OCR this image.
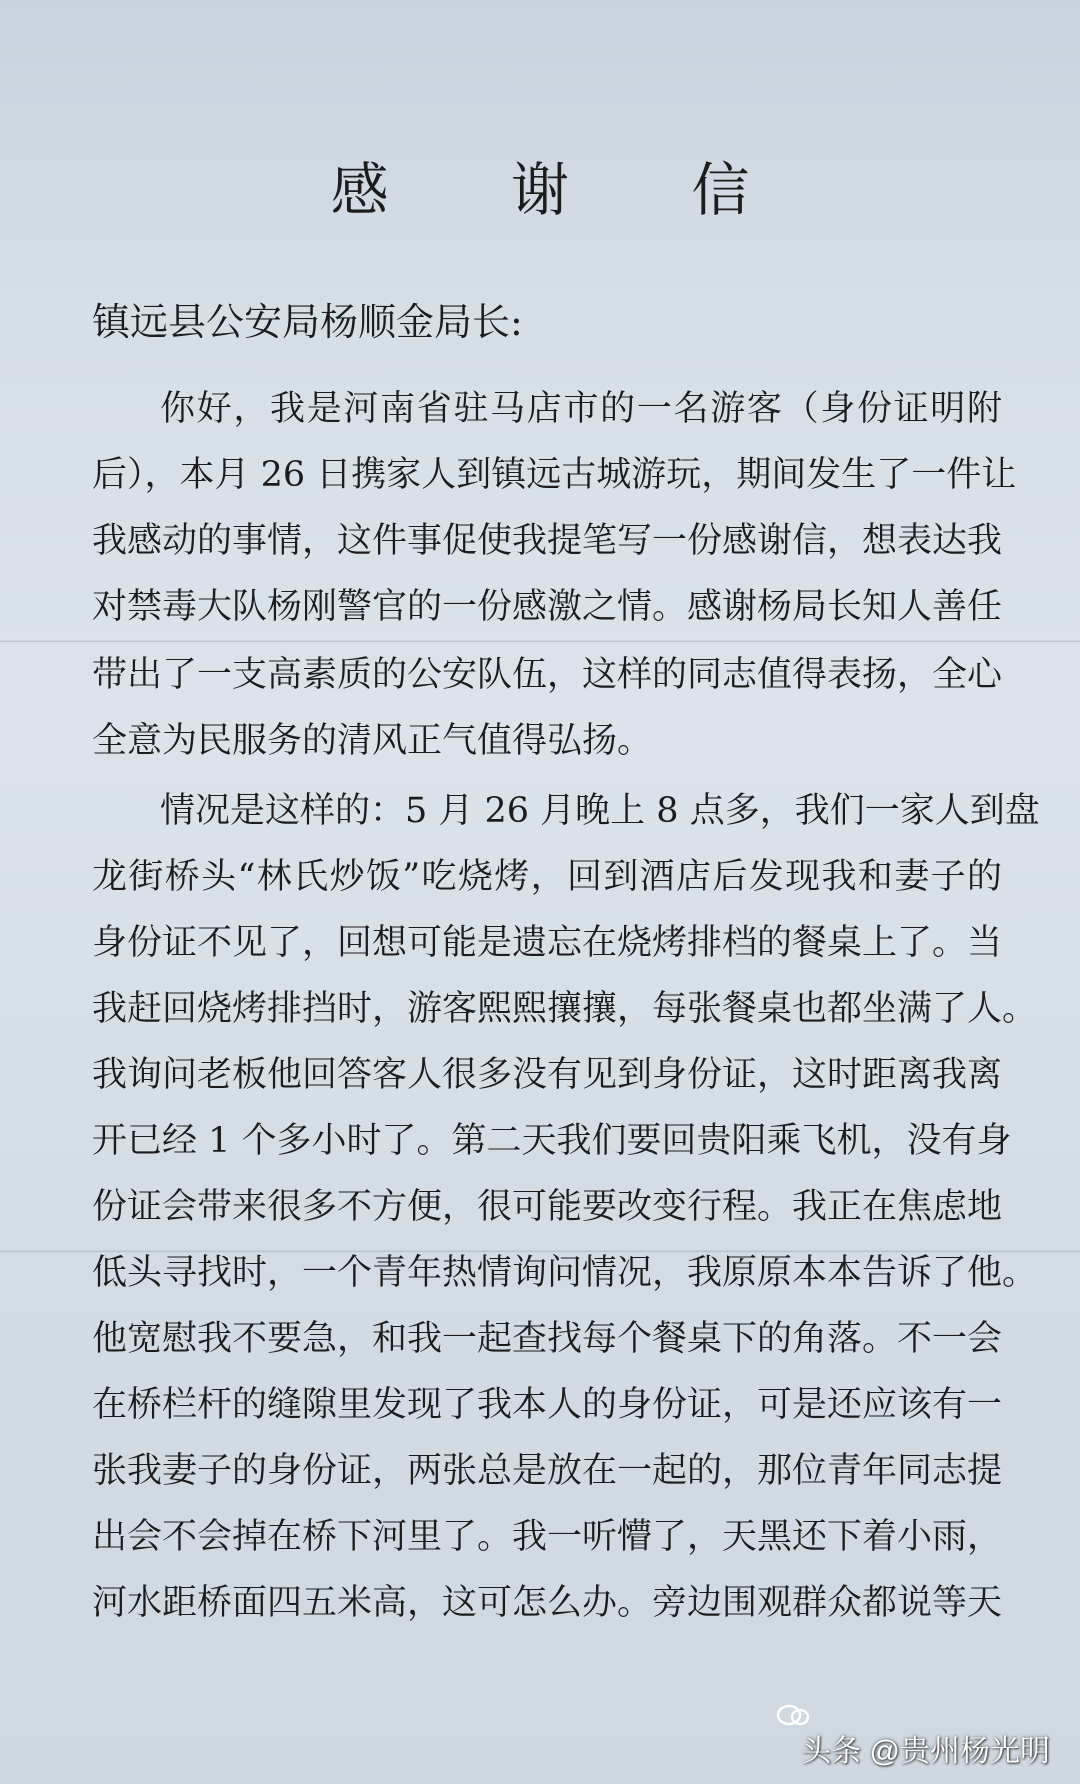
感 谢 信
镇远县公安局杨顺金局长:
你好，我是河南省驻马店市的一名游客（身份证明附
后），本月 26 日携家人到镇远古城游玩，期间发生了一件让
我感动的事情，这件事促使我提笔写一份感谢信，想表达我
对禁毒大队杨刚警官的一份感激之情。感谢杨局长知人善任
带出了一支高素质的公安队伍，这样的同志值得表扬，全心
全意为民服务的清风正气值得弘扬。
情况是这样的：5 月 26 月晚上 8 点多，我们一家人到盘
龙街桥头“林氏炒饭”吃烧烤，回到酒店后发现我和妻子的
身份证不见了，回想可能是遗忘在烧烤排档的餐桌上了。当
我赶回烧烤排挡时，游客熙熙攘攘，每张餐桌也都坐满了人。
我询问老板他回答客人很多没有见到身份证，这时距离我离
开已经 1 个多小时了。第二天我们要回贵阳乘飞机，没有身
份证会带来很多不方便，很可能要改变行程。我正在焦虑地
低头寻找时，一个青年热情询问情况，我原原本本告诉了他。
他宽慰我不要急，和我一起查找每个餐桌下的角落。不一会
在桥栏杆的缝隙里发现了我本人的身份证，可是还应该有一
张我妻子的身份证，两张总是放在一起的，那位青年同志提
出会不会掉在桥下河里了。我一听懵了，天黑还下着小雨，
河水距桥面四五米高，这可怎么办。旁边围观群众都说等天
头条 @贵州杨光明
